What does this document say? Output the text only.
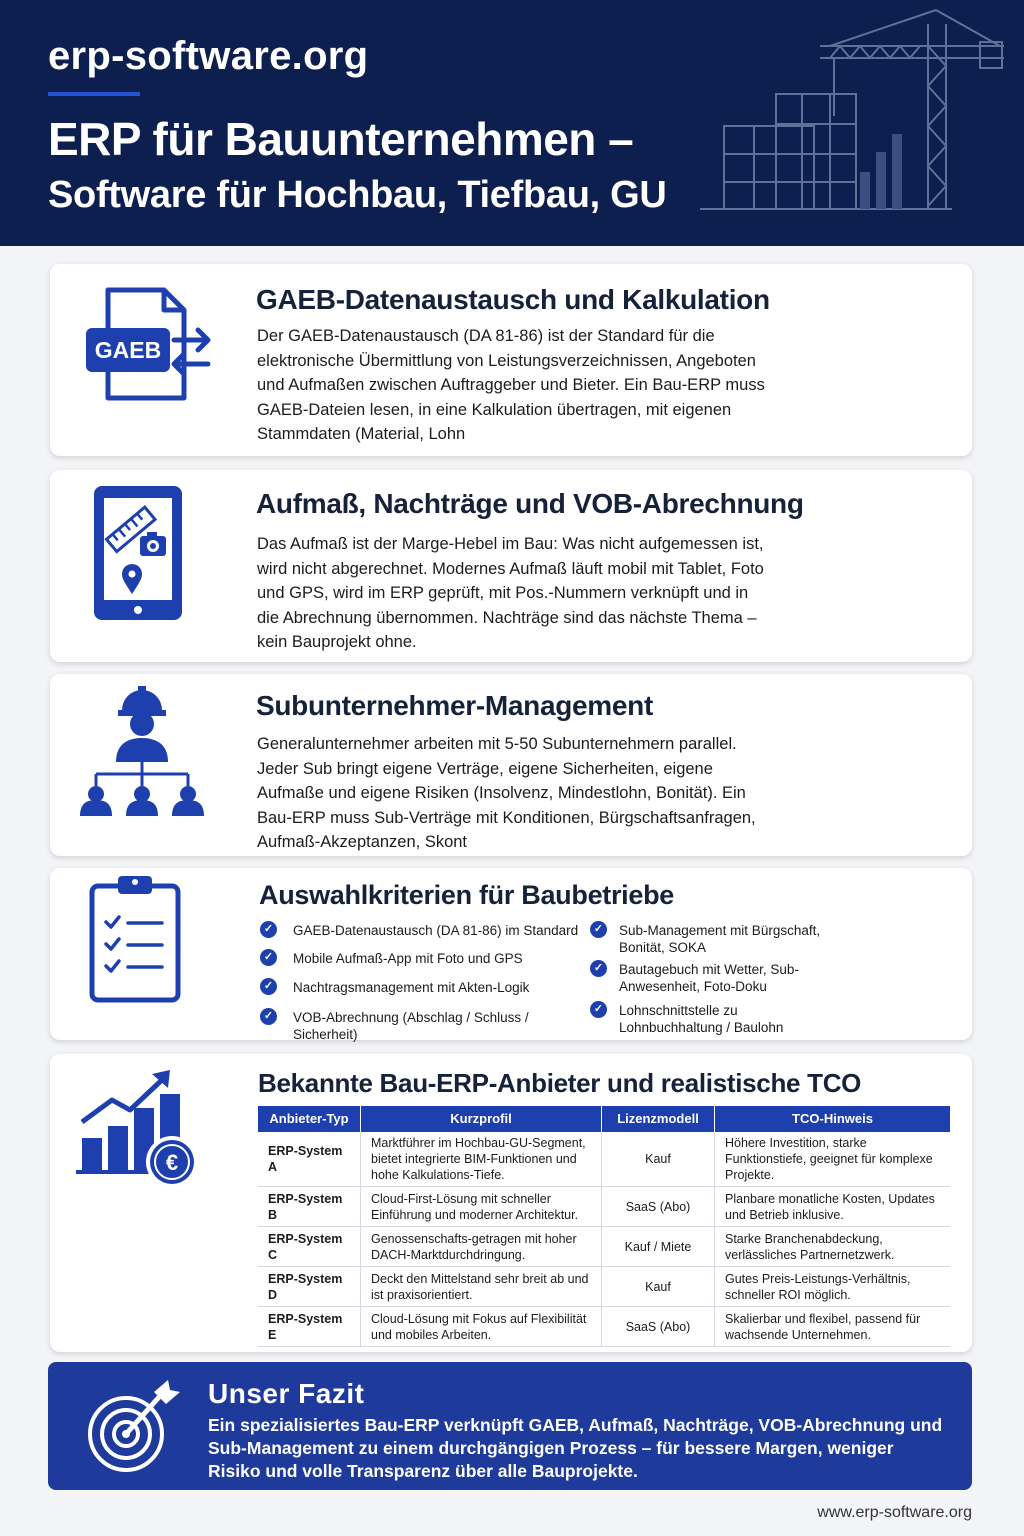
erp-software.org
ERP für Bauunternehmen –
Software für Hochbau, Tiefbau, GU
GAEB
GAEB-Datenaustausch und Kalkulation
Der GAEB-Datenaustausch (DA 81-86) ist der Standard für die elektronische Übermittlung von Leistungsverzeichnissen, Angeboten und Aufmaßen zwischen Auftraggeber und Bieter. Ein Bau-ERP muss GAEB-Dateien lesen, in eine Kalkulation übertragen, mit eigenen Stammdaten (Material, Lohn
Aufmaß, Nachträge und VOB-Abrechnung
Das Aufmaß ist der Marge-Hebel im Bau: Was nicht aufgemessen ist, wird nicht abgerechnet. Modernes Aufmaß läuft mobil mit Tablet, Foto und GPS, wird im ERP geprüft, mit Pos.-Nummern verknüpft und in die Abrechnung übernommen. Nachträge sind das nächste Thema – kein Bauprojekt ohne.
Subunternehmer-Management
Generalunternehmer arbeiten mit 5-50 Subunternehmern parallel. Jeder Sub bringt eigene Verträge, eigene Sicherheiten, eigene Aufmaße und eigene Risiken (Insolvenz, Mindestlohn, Bonität). Ein Bau-ERP muss Sub-Verträge mit Konditionen, Bürgschaftsanfragen, Aufmaß-Akzeptanzen, Skont
Auswahlkriterien für Baubetriebe
✓ GAEB-Datenaustausch (DA 81-86) im Standard
✓ Mobile Aufmaß-App mit Foto und GPS
✓ Nachtragsmanagement mit Akten-Logik
✓ VOB-Abrechnung (Abschlag / Schluss / Sicherheit)
✓ Sub-Management mit Bürgschaft, Bonität, SOKA
✓ Bautagebuch mit Wetter, Sub-Anwesenheit, Foto-Doku
✓ Lohnschnittstelle zu Lohnbuchhaltung / Baulohn
€
Bekannte Bau-ERP-Anbieter und realistische TCO
Anbieter-Typ	Kurzprofil	Lizenzmodell	TCO-Hinweis
ERP-System A	Marktführer im Hochbau-GU-Segment, bietet integrierte BIM-Funktionen und hohe Kalkulations-Tiefe.	Kauf	Höhere Investition, starke Funktionstiefe, geeignet für komplexe Projekte.
ERP-System B	Cloud-First-Lösung mit schneller Einführung und moderner Architektur.	SaaS (Abo)	Planbare monatliche Kosten, Updates und Betrieb inklusive.
ERP-System C	Genossenschafts-getragen mit hoher DACH-Marktdurchdringung.	Kauf / Miete	Starke Branchenabdeckung, verlässliches Partnernetzwerk.
ERP-System D	Deckt den Mittelstand sehr breit ab und ist praxisorientiert.	Kauf	Gutes Preis-Leistungs-Verhältnis, schneller ROI möglich.
ERP-System E	Cloud-Lösung mit Fokus auf Flexibilität und mobiles Arbeiten.	SaaS (Abo)	Skalierbar und flexibel, passend für wachsende Unternehmen.
Unser Fazit
Ein spezialisiertes Bau-ERP verknüpft GAEB, Aufmaß, Nachträge, VOB-Abrechnung und Sub-Management zu einem durchgängigen Prozess – für bessere Margen, weniger Risiko und volle Transparenz über alle Bauprojekte.
www.erp-software.org
